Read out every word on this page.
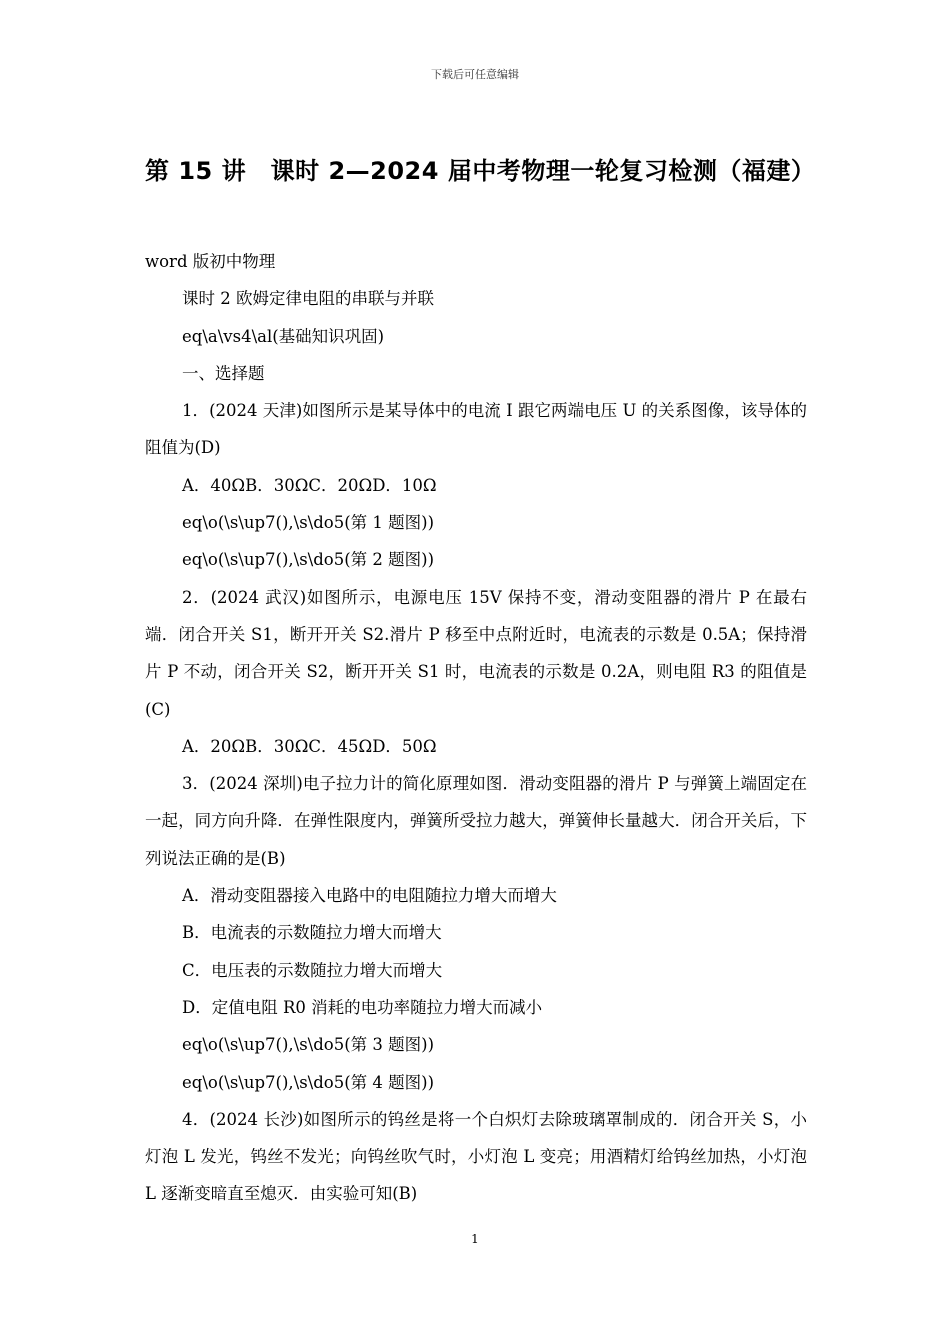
下载后可任意编辑
第 15 讲　课时 2—2024 届中考物理一轮复习检测（福建）

word 版初中物理

课时 2 欧姆定律电阻的串联与并联

eq\a\vs4\al(基础知识巩固)

一、选择题

1．(2024 天津)如图所示是某导体中的电流 I 跟它两端电压 U 的关系图像，该导体的阻值为(D)

A．40ΩB．30ΩC．20ΩD．10Ω

eq\o(\s\up7(),\s\do5(第 1 题图))

eq\o(\s\up7(),\s\do5(第 2 题图))

2．(2024 武汉)如图所示，电源电压 15V 保持不变，滑动变阻器的滑片 P 在最右端．闭合开关 S1，断开开关 S2.滑片 P 移至中点附近时，电流表的示数是 0.5A；保持滑片 P 不动，闭合开关 S2，断开开关 S1 时，电流表的示数是 0.2A，则电阻 R3 的阻值是(C)

A．20ΩB．30ΩC．45ΩD．50Ω

3．(2024 深圳)电子拉力计的简化原理如图．滑动变阻器的滑片 P 与弹簧上端固定在一起，同方向升降．在弹性限度内，弹簧所受拉力越大，弹簧伸长量越大．闭合开关后，下列说法正确的是(B)

A．滑动变阻器接入电路中的电阻随拉力增大而增大

B．电流表的示数随拉力增大而增大

C．电压表的示数随拉力增大而增大

D．定值电阻 R0 消耗的电功率随拉力增大而减小

eq\o(\s\up7(),\s\do5(第 3 题图))

eq\o(\s\up7(),\s\do5(第 4 题图))

4．(2024 长沙)如图所示的钨丝是将一个白炽灯去除玻璃罩制成的．闭合开关 S，小灯泡 L 发光，钨丝不发光；向钨丝吹气时，小灯泡 L 变亮；用酒精灯给钨丝加热，小灯泡 L 逐渐变暗直至熄灭．由实验可知(B)

1
